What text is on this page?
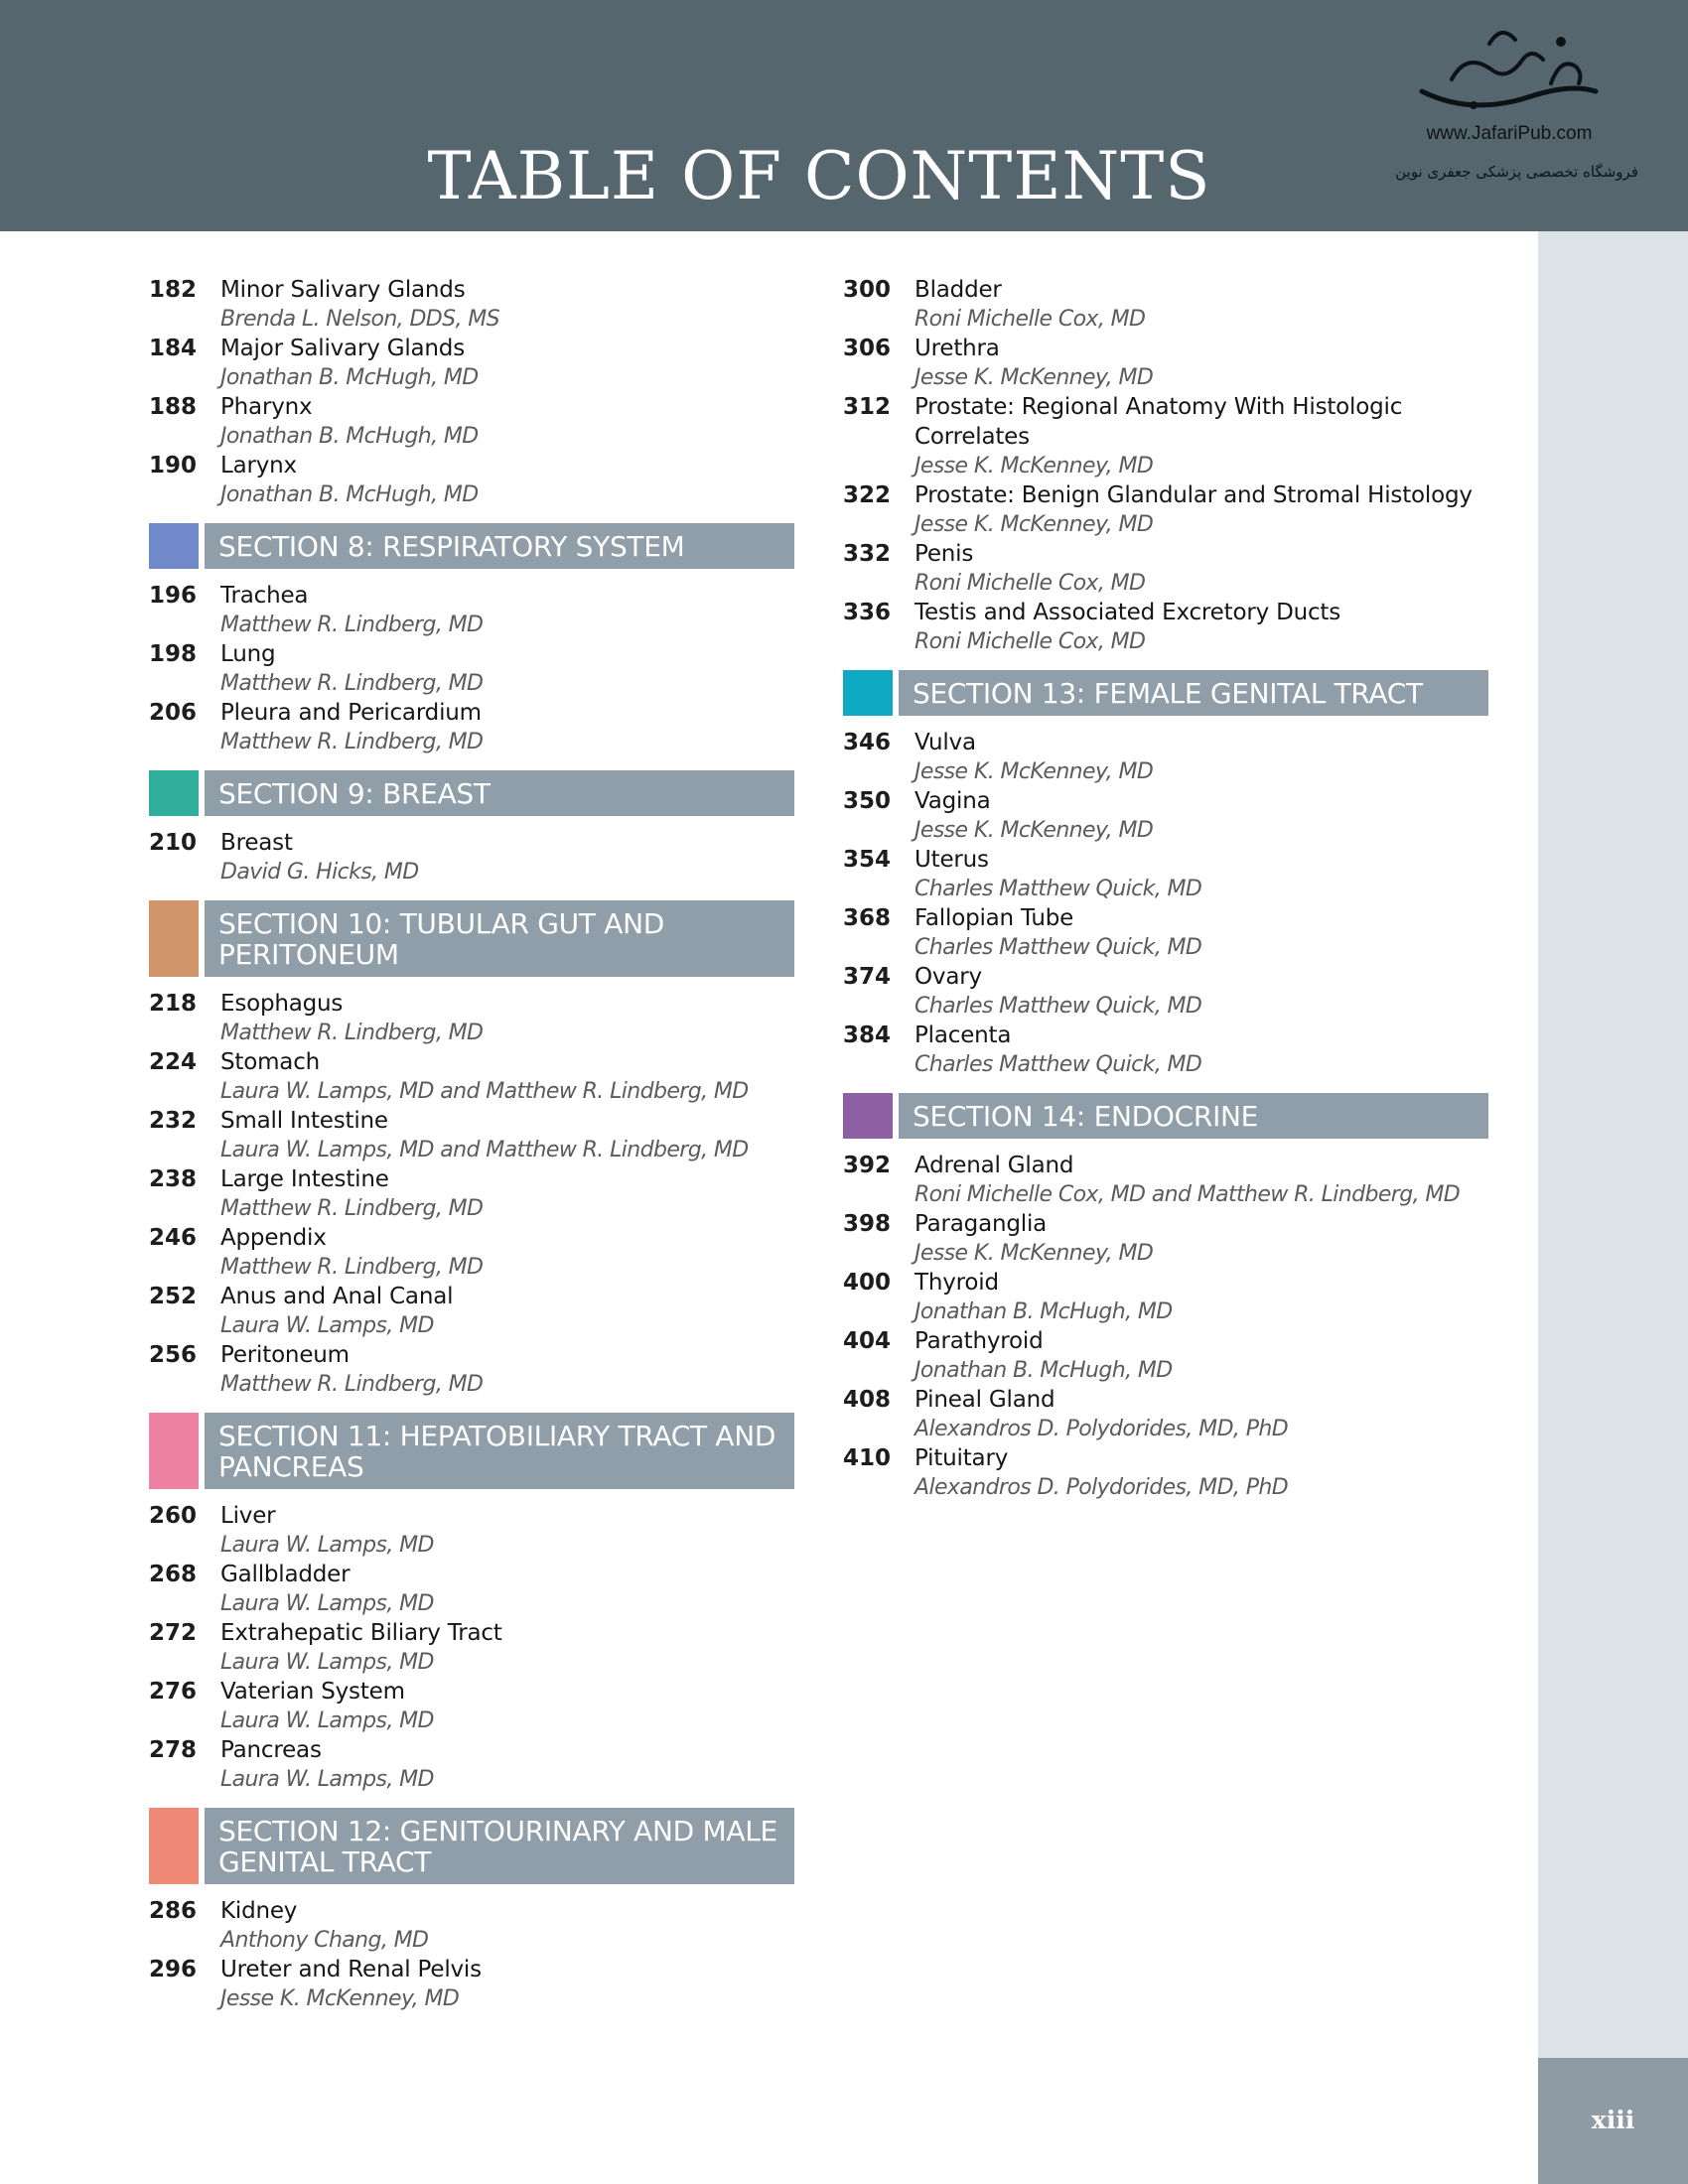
www.JafariPub.com
فروشگاه تخصصی پزشکی جعفری نوین
TABLE OF CONTENTS
xiii
182	Minor Salivary Glands
Brenda L. Nelson, DDS, MS
184	Major Salivary Glands
Jonathan B. McHugh, MD
188	Pharynx
Jonathan B. McHugh, MD
190	Larynx
Jonathan B. McHugh, MD
SECTION 8: RESPIRATORY SYSTEM
196	Trachea
Matthew R. Lindberg, MD
198	Lung
Matthew R. Lindberg, MD
206	Pleura and Pericardium
Matthew R. Lindberg, MD
SECTION 9: BREAST
210	Breast
David G. Hicks, MD
SECTION 10: TUBULAR GUT AND PERITONEUM
218	Esophagus
Matthew R. Lindberg, MD
224	Stomach
Laura W. Lamps, MD and Matthew R. Lindberg, MD
232	Small Intestine
Laura W. Lamps, MD and Matthew R. Lindberg, MD
238	Large Intestine
Matthew R. Lindberg, MD
246	Appendix
Matthew R. Lindberg, MD
252	Anus and Anal Canal
Laura W. Lamps, MD
256	Peritoneum
Matthew R. Lindberg, MD
SECTION 11: HEPATOBILIARY TRACT AND PANCREAS
260	Liver
Laura W. Lamps, MD
268	Gallbladder
Laura W. Lamps, MD
272	Extrahepatic Biliary Tract
Laura W. Lamps, MD
276	Vaterian System
Laura W. Lamps, MD
278	Pancreas
Laura W. Lamps, MD
SECTION 12: GENITOURINARY AND MALE GENITAL TRACT
286	Kidney
Anthony Chang, MD
296	Ureter and Renal Pelvis
Jesse K. McKenney, MD
300	Bladder
Roni Michelle Cox, MD
306	Urethra
Jesse K. McKenney, MD
312	Prostate: Regional Anatomy With Histologic Correlates
Jesse K. McKenney, MD
322	Prostate: Benign Glandular and Stromal Histology
Jesse K. McKenney, MD
332	Penis
Roni Michelle Cox, MD
336	Testis and Associated Excretory Ducts
Roni Michelle Cox, MD
SECTION 13: FEMALE GENITAL TRACT
346	Vulva
Jesse K. McKenney, MD
350	Vagina
Jesse K. McKenney, MD
354	Uterus
Charles Matthew Quick, MD
368	Fallopian Tube
Charles Matthew Quick, MD
374	Ovary
Charles Matthew Quick, MD
384	Placenta
Charles Matthew Quick, MD
SECTION 14: ENDOCRINE
392	Adrenal Gland
Roni Michelle Cox, MD and Matthew R. Lindberg, MD
398	Paraganglia
Jesse K. McKenney, MD
400	Thyroid
Jonathan B. McHugh, MD
404	Parathyroid
Jonathan B. McHugh, MD
408	Pineal Gland
Alexandros D. Polydorides, MD, PhD
410	Pituitary
Alexandros D. Polydorides, MD, PhD
